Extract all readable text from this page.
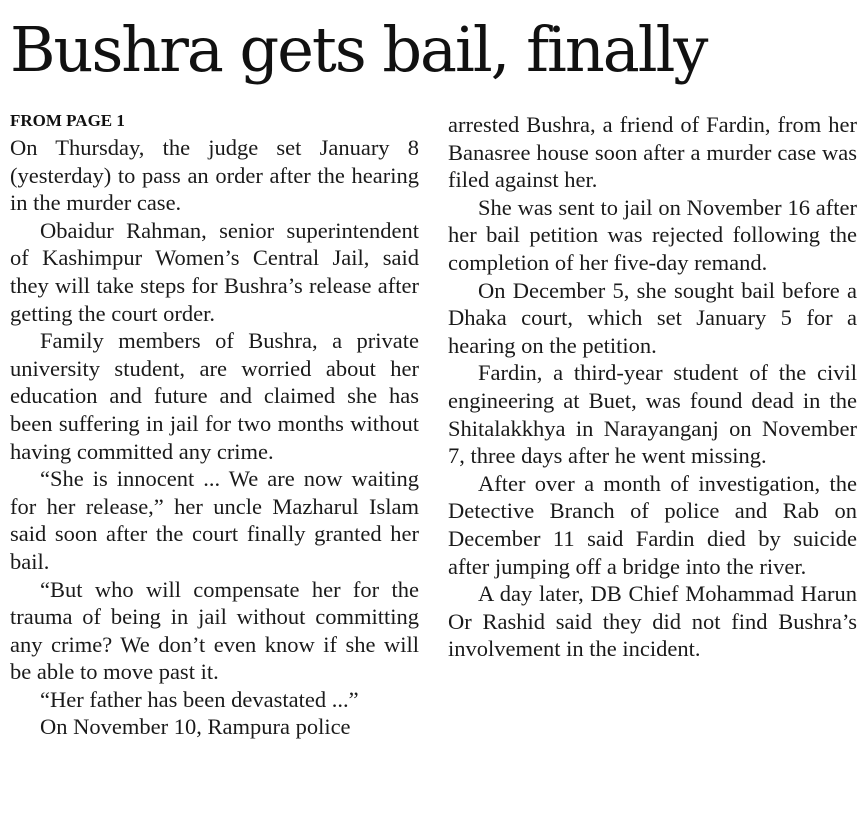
Bushra gets bail, finally

FROM PAGE 1

On Thursday, the judge set January 8 (yesterday) to pass an order after the hearing in the murder case.

Obaidur Rahman, senior superintendent of Kashimpur Women’s Central Jail, said they will take steps for Bushra’s release after getting the court order.

Family members of Bushra, a private university student, are worried about her education and future and claimed she has been suffering in jail for two months without having committed any crime.

“She is innocent ... We are now waiting for her release,” her uncle Mazharul Islam said soon after the court finally granted her bail.

“But who will compensate her for the trauma of being in jail without committing any crime? We don’t even know if she will be able to move past it.

“Her father has been devastated ...”

On November 10, Rampura police

arrested Bushra, a friend of Fardin, from her Banasree house soon after a murder case was filed against her.

She was sent to jail on November 16 after her bail petition was rejected following the completion of her five-day remand.

On December 5, she sought bail before a Dhaka court, which set January 5 for a hearing on the petition.

Fardin, a third-year student of the civil engineering at Buet, was found dead in the Shitalakkhya in Narayanganj on November 7, three days after he went missing.

After over a month of investigation, the Detective Branch of police and Rab on December 11 said Fardin died by suicide after jumping off a bridge into the river.

A day later, DB Chief Mohammad Harun Or Rashid said they did not find Bushra’s involvement in the incident.
